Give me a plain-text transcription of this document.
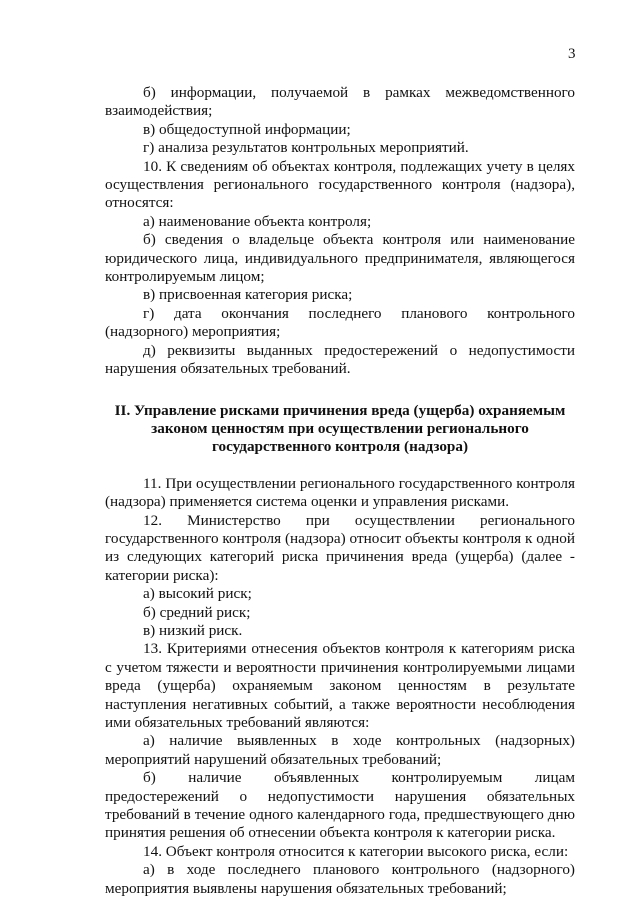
3

б) информации, получаемой в рамках межведомственного взаимодействия;

в) общедоступной информации;

г) анализа результатов контрольных мероприятий.

10. К сведениям об объектах контроля, подлежащих учету в целях осуществления регионального государственного контроля (надзора), относятся:

а) наименование объекта контроля;

б) сведения о владельце объекта контроля или наименование юридического лица, индивидуального предпринимателя, являющегося контролируемым лицом;

в) присвоенная категория риска;

г) дата окончания последнего планового контрольного (надзорного) мероприятия;

д) реквизиты выданных предостережений о недопустимости нарушения обязательных требований.

II. Управление рисками причинения вреда (ущерба) охраняемым
законом ценностям при осуществлении регионального
государственного контроля (надзора)

11. При осуществлении регионального государственного контроля (надзора) применяется система оценки и управления рисками.

12. Министерство при осуществлении регионального государственного контроля (надзора) относит объекты контроля к одной из следующих категорий риска причинения вреда (ущерба) (далее - категории риска):

а) высокий риск;

б) средний риск;

в) низкий риск.

13. Критериями отнесения объектов контроля к категориям риска с учетом тяжести и вероятности причинения контролируемыми лицами вреда (ущерба) охраняемым законом ценностям в результате наступления негативных событий, а также вероятности несоблюдения ими обязательных требований являются:

а) наличие выявленных в ходе контрольных (надзорных) мероприятий нарушений обязательных требований;

б) наличие объявленных контролируемым лицам предостережений о недопустимости нарушения обязательных требований в течение одного календарного года, предшествующего дню принятия решения об отнесении объекта контроля к категории риска.

14. Объект контроля относится к категории высокого риска, если:

а) в ходе последнего планового контрольного (надзорного) мероприятия выявлены нарушения обязательных требований;
